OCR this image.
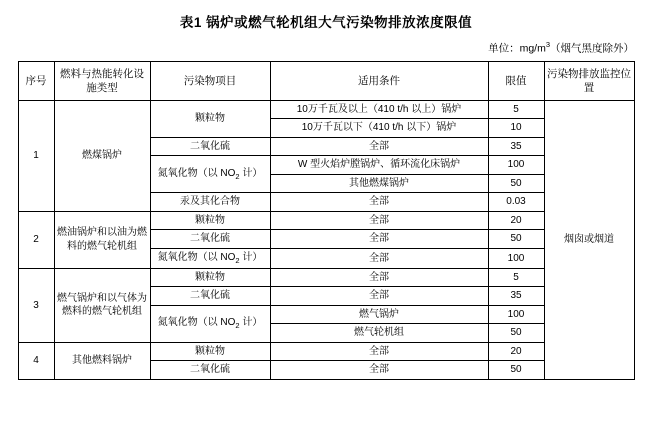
表1 锅炉或燃气轮机组大气污染物排放浓度限值
单位：$mg/m^3$（烟气黑度除外）
序号	燃料与热能转化设施类型	污染物项目	适用条件	限值	污染物排放监控位置
1	燃煤锅炉	颗粒物	10万千瓦及以上（410 t/h 以上）锅炉	5	烟囱或烟道
			10万千瓦以下（410 t/h 以下）锅炉	10	
		二氧化硫	全部	35	
		氮氧化物（以 $NO_2$ 计）	W 型火焰炉膛锅炉、循环流化床锅炉	100	
			其他燃煤锅炉	50	
		汞及其化合物	全部	0.03	
2	燃油锅炉和以油为燃料的燃气轮机组	颗粒物	全部	20	
		二氧化硫	全部	50	
		氮氧化物（以 $NO_2$ 计）	全部	100	
3	燃气锅炉和以气体为燃料的燃气轮机组	颗粒物	全部	5	
		二氧化硫	全部	35	
		氮氧化物（以 $NO_2$ 计）	燃气锅炉	100	
			燃气轮机组	50	
4	其他燃料锅炉	颗粒物	全部	20	
		二氧化硫	全部	50	
